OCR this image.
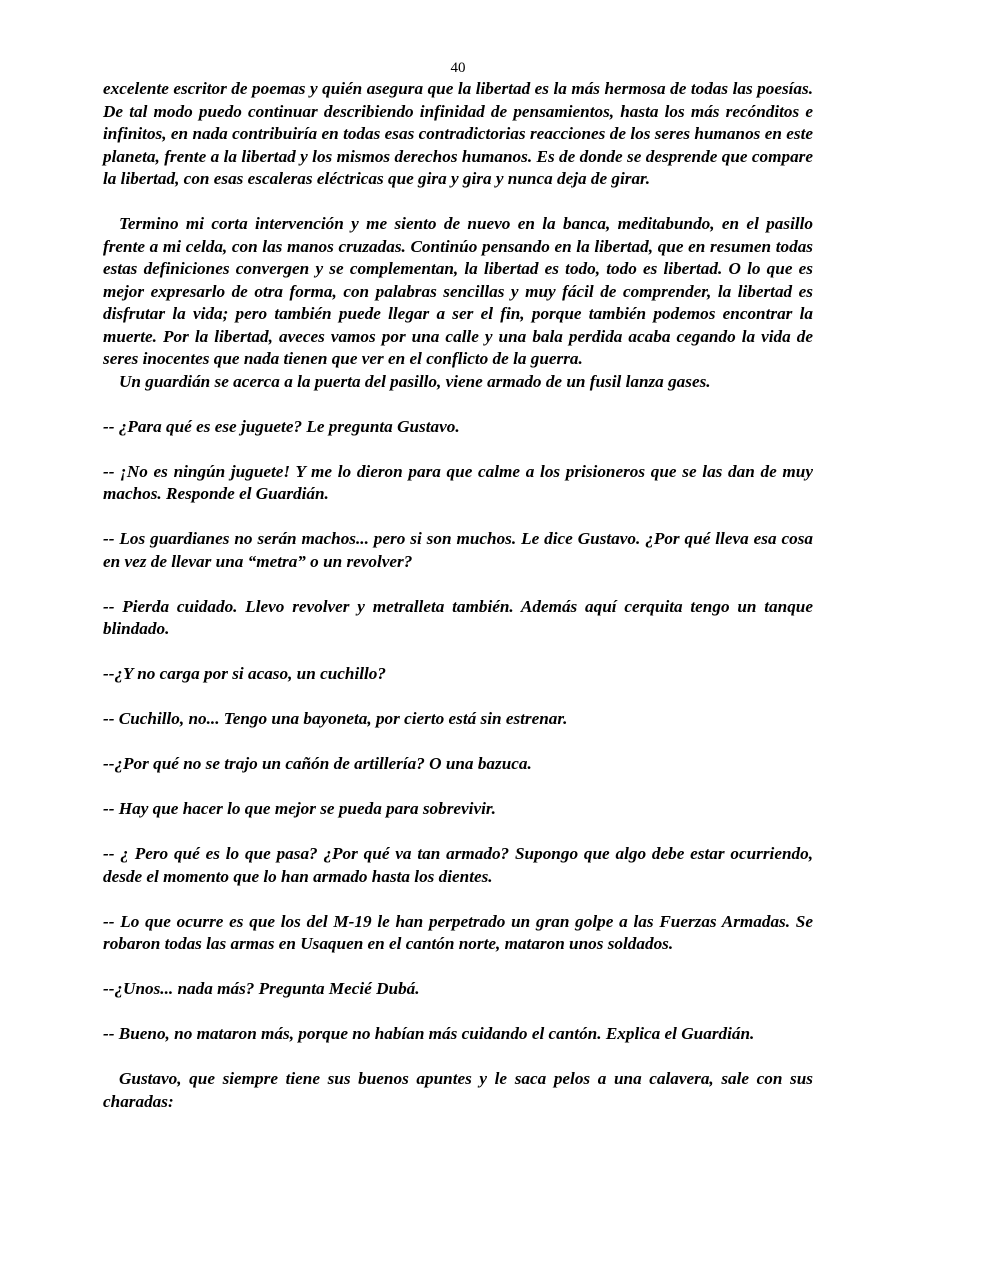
40

excelente escritor de poemas y quién asegura que la libertad es la más hermosa de todas las poesías. De tal modo puedo continuar describiendo infinidad de pensamientos, hasta los más recónditos e infinitos, en nada contribuiría en todas esas contradictorias reacciones de los seres humanos en este planeta, frente a la libertad y los mismos derechos humanos. Es de donde se desprende que compare la libertad, con esas escaleras eléctricas que gira y gira y nunca deja de girar.

Termino mi corta intervención y me siento de nuevo en la banca, meditabundo, en el pasillo frente a mi celda, con las manos cruzadas. Continúo pensando en la libertad, que en resumen todas estas definiciones convergen y se complementan, la libertad es todo, todo es libertad. O lo que es mejor expresarlo de otra forma, con palabras sencillas y muy fácil de comprender, la libertad es disfrutar la vida; pero también puede llegar a ser el fin, porque también podemos encontrar la muerte. Por la libertad, aveces vamos por una calle y una bala perdida acaba cegando la vida de seres inocentes que nada tienen que ver en el conflicto de la guerra.

Un guardián se acerca a la puerta del pasillo, viene armado de un fusil lanza gases.

-- ¿Para qué es ese juguete? Le pregunta Gustavo.

-- ¡No es ningún juguete! Y me lo dieron para que calme a los prisioneros que se las dan de muy machos. Responde el Guardián.

-- Los guardianes no serán machos... pero si son muchos. Le dice Gustavo. ¿Por qué lleva esa cosa en vez de llevar una “metra” o un revolver?

-- Pierda cuidado. Llevo revolver y metralleta también. Además aquí cerquita tengo un tanque blindado.

--¿Y no carga por si acaso, un cuchillo?

-- Cuchillo, no... Tengo una bayoneta, por cierto está sin estrenar.

--¿Por qué no se trajo un cañón de artillería? O una bazuca.

-- Hay que hacer lo que mejor se pueda para sobrevivir.

-- ¿ Pero qué es lo que pasa? ¿Por qué va tan armado? Supongo que algo debe estar ocurriendo, desde el momento que lo han armado hasta los dientes.

-- Lo que ocurre es que los del M-19 le han perpetrado un gran golpe a las Fuerzas Armadas. Se robaron todas las armas en Usaquen en el cantón norte, mataron unos soldados.

--¿Unos... nada más? Pregunta Mecié Dubá.

-- Bueno, no mataron más, porque no habían más cuidando el cantón. Explica el Guardián.

Gustavo, que siempre tiene sus buenos apuntes y le saca pelos a una calavera, sale con sus charadas:
